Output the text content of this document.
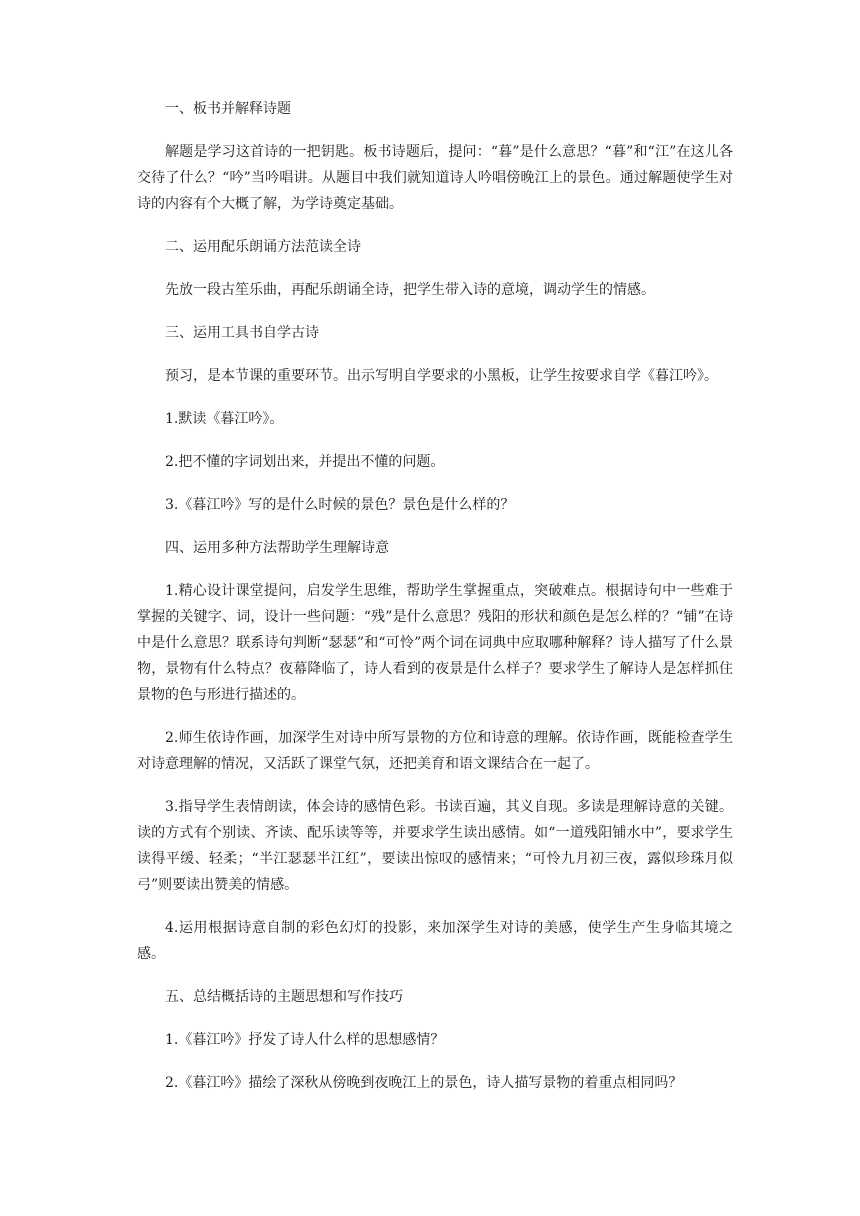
一、板书并解释诗题

解题是学习这首诗的一把钥匙。板书诗题后，提问：“暮”是什么意思？“暮”和“江”在这儿各交待了什么？“吟”当吟唱讲。从题目中我们就知道诗人吟唱傍晚江上的景色。通过解题使学生对诗的内容有个大概了解，为学诗奠定基础。

二、运用配乐朗诵方法范读全诗

先放一段古笙乐曲，再配乐朗诵全诗，把学生带入诗的意境，调动学生的情感。

三、运用工具书自学古诗

预习，是本节课的重要环节。出示写明自学要求的小黑板，让学生按要求自学《暮江吟》。

1.默读《暮江吟》。

2.把不懂的字词划出来，并提出不懂的问题。

3.《暮江吟》写的是什么时候的景色？景色是什么样的？

四、运用多种方法帮助学生理解诗意

1.精心设计课堂提问，启发学生思维，帮助学生掌握重点，突破难点。根据诗句中一些难于掌握的关键字、词，设计一些问题：“残”是什么意思？残阳的形状和颜色是怎么样的？“铺”在诗中是什么意思？联系诗句判断“瑟瑟”和“可怜”两个词在词典中应取哪种解释？诗人描写了什么景物，景物有什么特点？夜幕降临了，诗人看到的夜景是什么样子？要求学生了解诗人是怎样抓住景物的色与形进行描述的。

2.师生依诗作画，加深学生对诗中所写景物的方位和诗意的理解。依诗作画，既能检查学生对诗意理解的情况，又活跃了课堂气氛，还把美育和语文课结合在一起了。

3.指导学生表情朗读，体会诗的感情色彩。书读百遍，其义自现。多读是理解诗意的关键。读的方式有个别读、齐读、配乐读等等，并要求学生读出感情。如“一道残阳铺水中”，要求学生读得平缓、轻柔；“半江瑟瑟半江红”，要读出惊叹的感情来；“可怜九月初三夜，露似珍珠月似弓”则要读出赞美的情感。

4.运用根据诗意自制的彩色幻灯的投影，来加深学生对诗的美感，使学生产生身临其境之感。

五、总结概括诗的主题思想和写作技巧

1.《暮江吟》抒发了诗人什么样的思想感情？

2.《暮江吟》描绘了深秋从傍晚到夜晚江上的景色，诗人描写景物的着重点相同吗？
